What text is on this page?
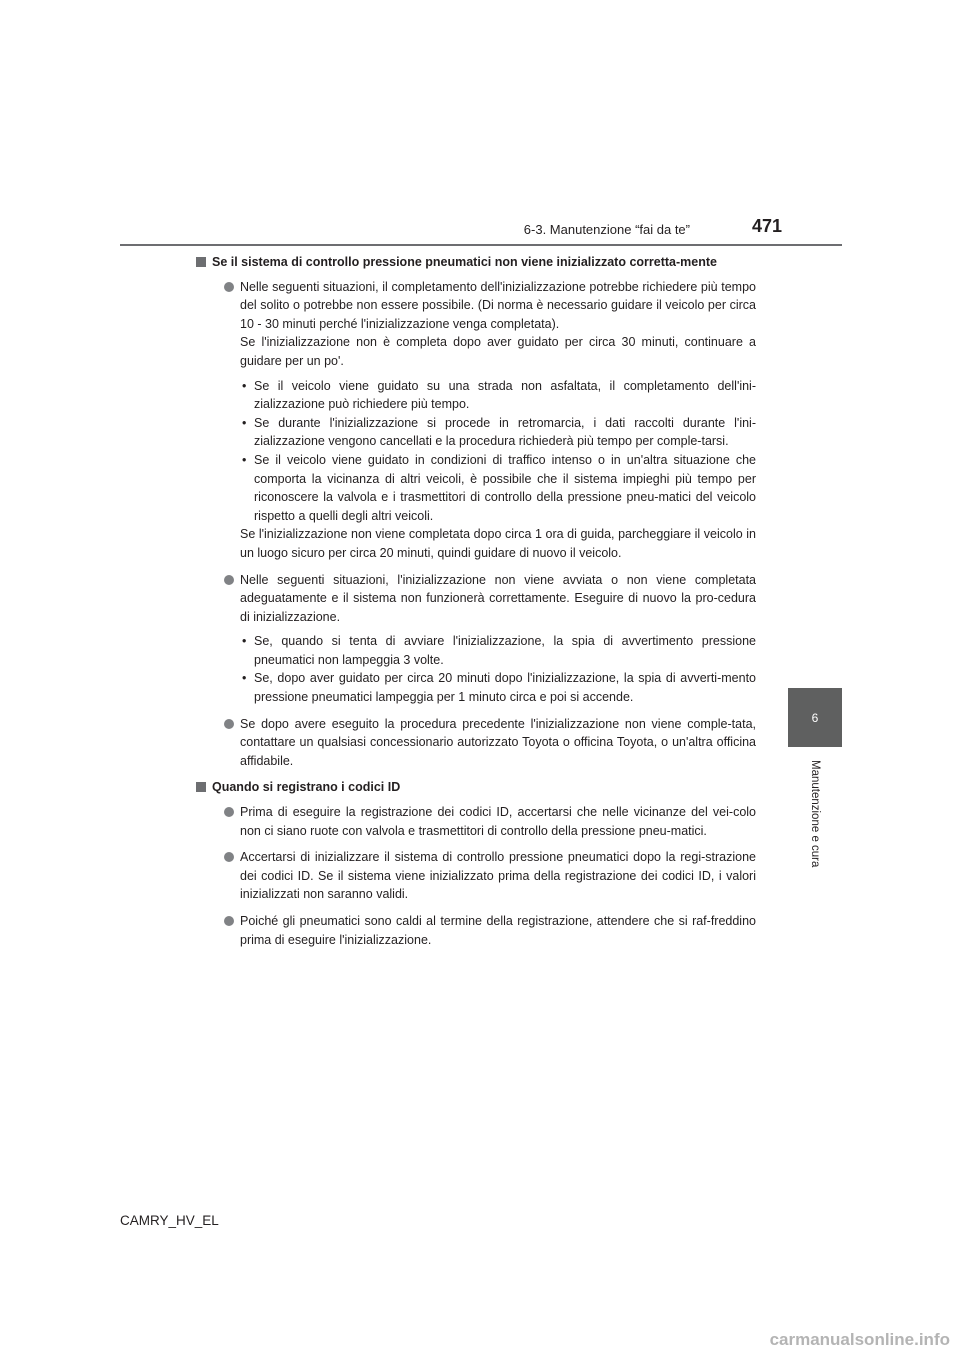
6-3. Manutenzione “fai da te”	471
6
Manutenzione e cura
Se il sistema di controllo pressione pneumatici non viene inizializzato corretta-mente

Nelle seguenti situazioni, il completamento dell'inizializzazione potrebbe richiedere più tempo del solito o potrebbe non essere possibile. (Di norma è necessario guidare il veicolo per circa 10 - 30 minuti perché l'inizializzazione venga completata).

Se l'inizializzazione non è completa dopo aver guidato per circa 30 minuti, continuare a guidare per un po'.

• Se il veicolo viene guidato su una strada non asfaltata, il completamento dell'ini-zializzazione può richiedere più tempo.
• Se durante l'inizializzazione si procede in retromarcia, i dati raccolti durante l'ini-zializzazione vengono cancellati e la procedura richiederà più tempo per comple-tarsi.
• Se il veicolo viene guidato in condizioni di traffico intenso o in un'altra situazione che comporta la vicinanza di altri veicoli, è possibile che il sistema impieghi più tempo per riconoscere la valvola e i trasmettitori di controllo della pressione pneu-matici del veicolo rispetto a quelli degli altri veicoli.

Se l'inizializzazione non viene completata dopo circa 1 ora di guida, parcheggiare il veicolo in un luogo sicuro per circa 20 minuti, quindi guidare di nuovo il veicolo.

Nelle seguenti situazioni, l'inizializzazione non viene avviata o non viene completata adeguatamente e il sistema non funzionerà correttamente. Eseguire di nuovo la pro-cedura di inizializzazione.

• Se, quando si tenta di avviare l'inizializzazione, la spia di avvertimento pressione pneumatici non lampeggia 3 volte.
• Se, dopo aver guidato per circa 20 minuti dopo l'inizializzazione, la spia di avverti-mento pressione pneumatici lampeggia per 1 minuto circa e poi si accende.

Se dopo avere eseguito la procedura precedente l'inizializzazione non viene comple-tata, contattare un qualsiasi concessionario autorizzato Toyota o officina Toyota, o un'altra officina affidabile.

Quando si registrano i codici ID

Prima di eseguire la registrazione dei codici ID, accertarsi che nelle vicinanze del vei-colo non ci siano ruote con valvola e trasmettitori di controllo della pressione pneu-matici.

Accertarsi di inizializzare il sistema di controllo pressione pneumatici dopo la regi-strazione dei codici ID. Se il sistema viene inizializzato prima della registrazione dei codici ID, i valori inizializzati non saranno validi.

Poiché gli pneumatici sono caldi al termine della registrazione, attendere che si raf-freddino prima di eseguire l'inizializzazione.

CAMRY_HV_EL
carmanualsonline.info
